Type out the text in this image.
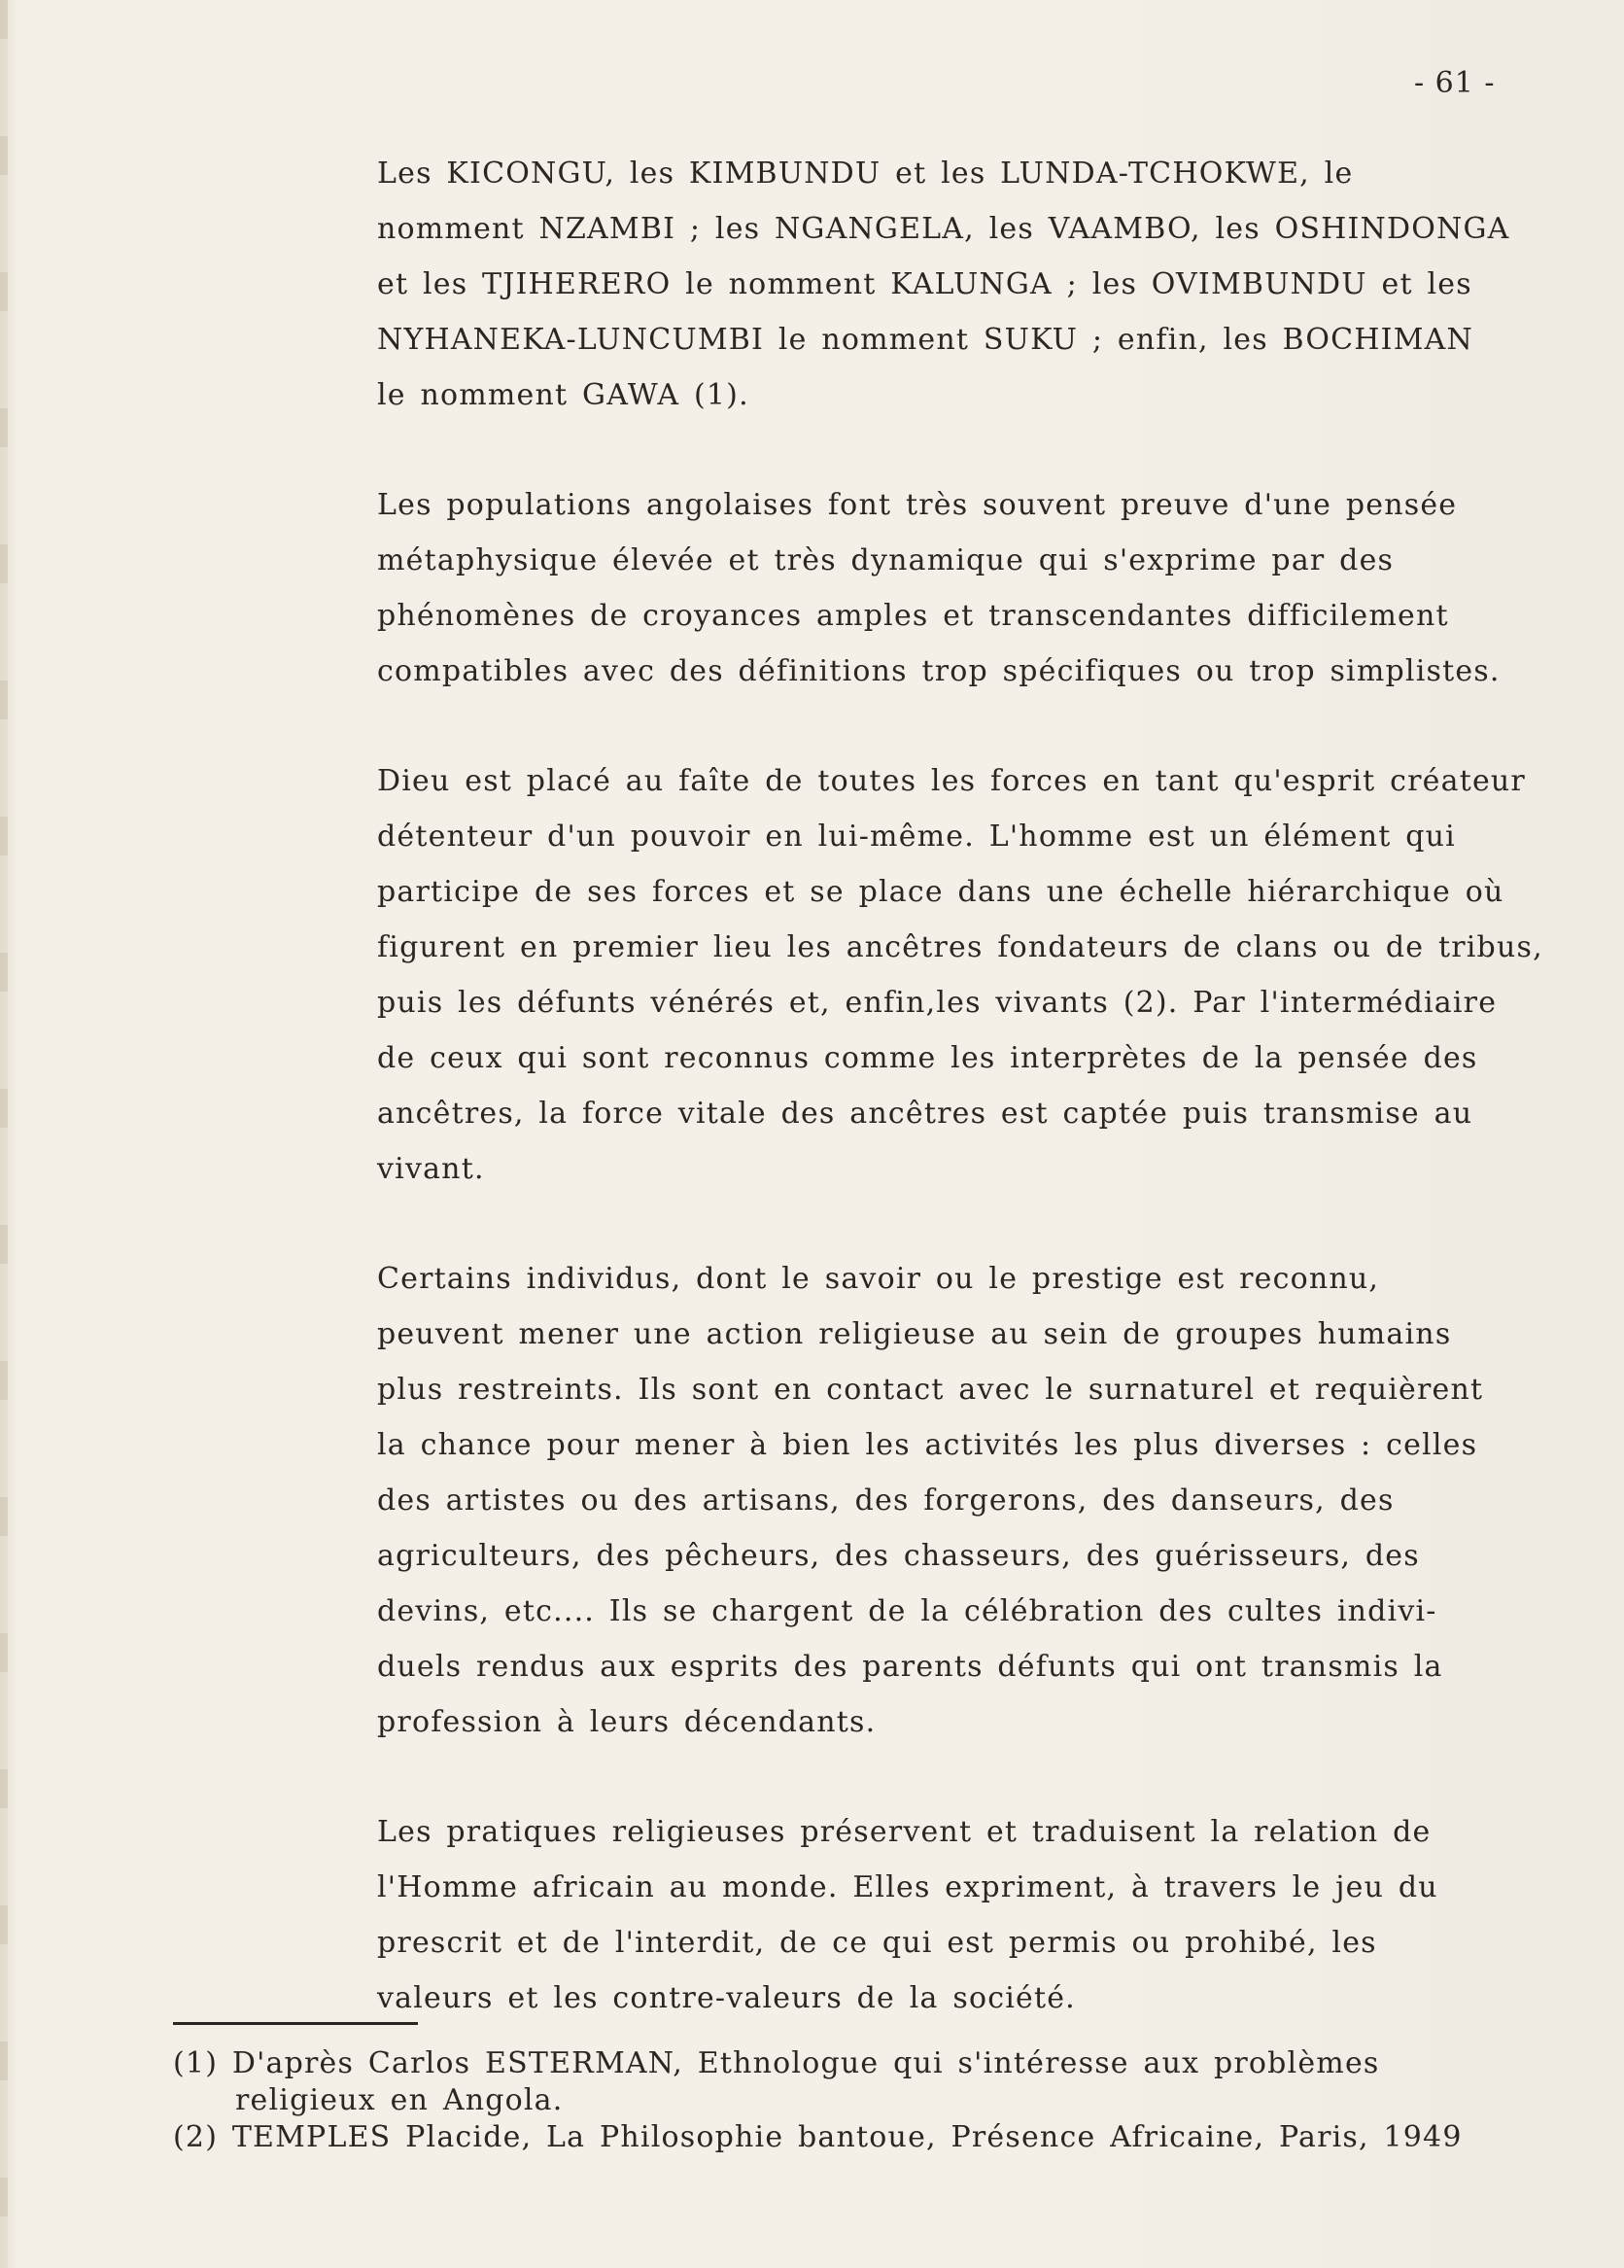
- 61 -

Les KICONGU, les KIMBUNDU et les LUNDA-TCHOKWE, le

nomment NZAMBI ; les NGANGELA, les VAAMBO, les OSHINDONGA

et les TJIHERERO le nomment KALUNGA ; les OVIMBUNDU et les

NYHANEKA-LUNCUMBI le nomment SUKU ; enfin, les BOCHIMAN

le nomment GAWA (1).

Les populations angolaises font très souvent preuve d'une pensée

métaphysique élevée et très dynamique qui s'exprime par des

phénomènes de croyances amples et transcendantes difficilement

compatibles avec des définitions trop spécifiques ou trop simplistes.

Dieu est placé au faîte de toutes les forces en tant qu'esprit créateur

détenteur d'un pouvoir en lui-même. L'homme est un élément qui

participe de ses forces et se place dans une échelle hiérarchique où

figurent en premier lieu les ancêtres fondateurs de clans ou de tribus,

puis les défunts vénérés et, enfin,les vivants (2). Par l'intermédiaire

de ceux qui sont reconnus comme les interprètes de la pensée des

ancêtres, la force vitale des ancêtres est captée puis transmise au

vivant.

Certains individus, dont le savoir ou le prestige est reconnu,

peuvent mener une action religieuse au sein de groupes humains

plus restreints. Ils sont en contact avec le surnaturel et requièrent

la chance pour mener à bien les activités les plus diverses : celles

des artistes ou des artisans, des forgerons, des danseurs, des

agriculteurs, des pêcheurs, des chasseurs, des guérisseurs, des

devins, etc.... Ils se chargent de la célébration des cultes indivi-

duels rendus aux esprits des parents défunts qui ont transmis la

profession à leurs décendants.

Les pratiques religieuses préservent et traduisent la relation de

l'Homme africain au monde. Elles expriment, à travers le jeu du

prescrit et de l'interdit, de ce qui est permis ou prohibé, les

valeurs et les contre-valeurs de la société.

(1) D'après Carlos ESTERMAN, Ethnologue qui s'intéresse aux problèmes

religieux en Angola.

(2) TEMPLES Placide, La Philosophie bantoue, Présence Africaine, Paris, 1949
